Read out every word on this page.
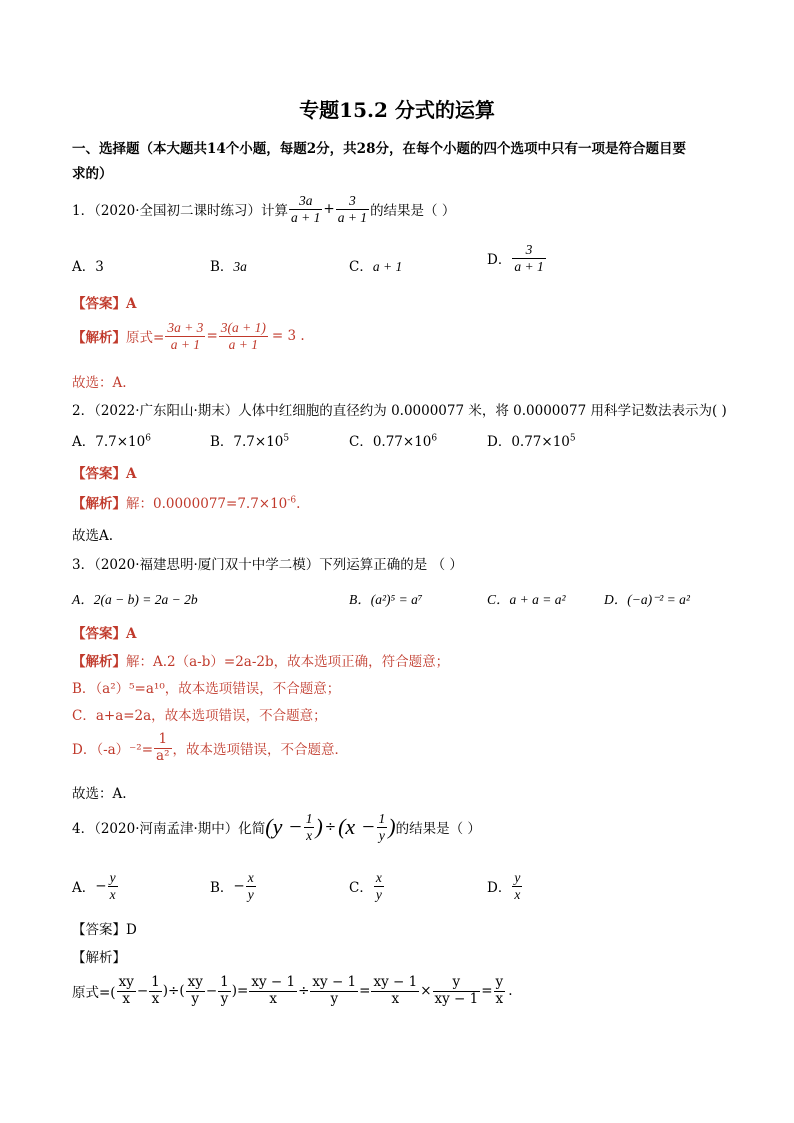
专题15.2 分式的运算
一、选择题（本大题共14个小题，每题2分，共28分，在每个小题的四个选项中只有一项是符合题目要
求的）
1．（2020·全国初二课时练习）计算 $\frac{3a}{a + 1} + \frac{3}{a + 1}$ 的结果是（ ）
A．3	B．3a	C．a + 1	D． $\frac{3}{a + 1}$
【答案】A
【解析】 原式= $\frac{3a + 3}{a + 1} = \frac{3(a + 1)}{a + 1} = 3$ .
故选：A.
2．（2022·广东阳山·期末）人体中红细胞的直径约为 0.0000077 米，将 0.0000077 用科学记数法表示为( )
A．$7.7\times 10^6$	B．$7.7\times 10^5$	C．$0.77\times 10^6$	D．$0.77\times 10^5$
【答案】A
【解析】解：$0.0000077=7.7\times 10^{-6}$.
故选A.
3．（2020·福建思明·厦门双十中学二模）下列运算正确的是 （ ）
A．2(a − b) = 2a − 2b	B．(a²)⁵ = a⁷	C．a + a = a²	D．(−a)⁻² = a²
【答案】A
【解析】解：A.2（a-b）=2a-2b，故本选项正确，符合题意；
B．（a²）⁵=a¹⁰，故本选项错误，不合题意；
C．a+a=2a，故本选项错误，不合题意；
D．$(-a)^{-2}= \frac{1}{\text{a²}}$ ，故本选项错误，不合题意．
故选：A.
4．（2020·河南孟津·期中）化简 ($y - \frac{1}{x}$ ) ÷ ($x - \frac{1}{y}$ ) 的结果是（ ）
A． − $\frac{y}{x}$	B． − $\frac{x}{y}$	C． $\frac{x}{y}$	D． $\frac{y}{x}$
【答案】D
【解析】
原式=( $\frac{xy}{x} - \frac{1}{x}$ )÷( $\frac{xy}{y} - \frac{1}{y}$ )= $\frac{xy - 1}{x} \div \frac{xy - 1}{y} = \frac{xy - 1}{x} \times \frac{y}{xy - 1} = \frac{y}{x}$ .
